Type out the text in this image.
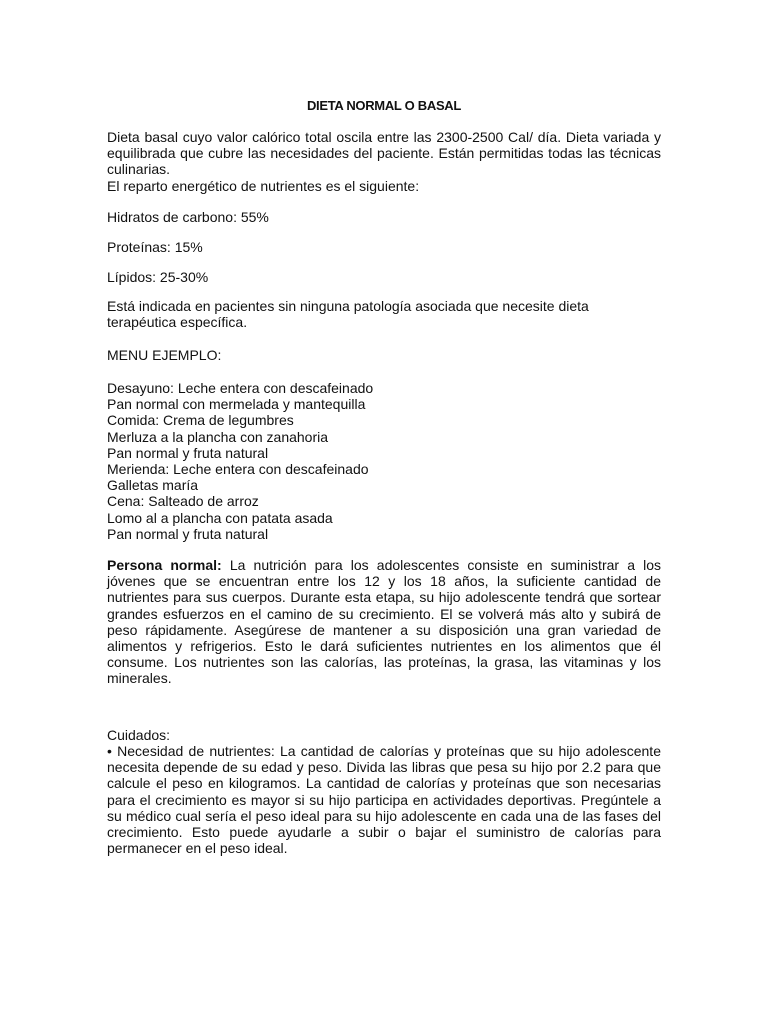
DIETA NORMAL O BASAL
Dieta basal cuyo valor calórico total oscila entre las 2300-2500 Cal/ día. Dieta variada y equilibrada que cubre las necesidades del paciente. Están permitidas todas las técnicas culinarias.
El reparto energético de nutrientes es el siguiente:
Hidratos de carbono: 55%
Proteínas: 15%
Lípidos: 25-30%
Está indicada en pacientes sin ninguna patología asociada que necesite dieta terapéutica específica.
MENU EJEMPLO:
Desayuno: Leche entera con descafeinado
Pan normal con mermelada y mantequilla
Comida: Crema de legumbres
Merluza a la plancha con zanahoria
Pan normal y fruta natural
Merienda: Leche entera con descafeinado
Galletas maría
Cena: Salteado de arroz
Lomo al a plancha con patata asada
Pan normal y fruta natural
Persona normal: La nutrición para los adolescentes consiste en suministrar a los jóvenes que se encuentran entre los 12 y los 18 años, la suficiente cantidad de nutrientes para sus cuerpos. Durante esta etapa, su hijo adolescente tendrá que sortear grandes esfuerzos en el camino de su crecimiento. El se volverá más alto y subirá de peso rápidamente. Asegúrese de mantener a su disposición una gran variedad de alimentos y refrigerios. Esto le dará suficientes nutrientes en los alimentos que él consume. Los nutrientes son las calorías, las proteínas, la grasa, las vitaminas y los minerales.
Cuidados:
• Necesidad de nutrientes: La cantidad de calorías y proteínas que su hijo adolescente necesita depende de su edad y peso. Divida las libras que pesa su hijo por 2.2 para que calcule el peso en kilogramos. La cantidad de calorías y proteínas que son necesarias para el crecimiento es mayor si su hijo participa en actividades deportivas. Pregúntele a su médico cual sería el peso ideal para su hijo adolescente en cada una de las fases del crecimiento. Esto puede ayudarle a subir o bajar el suministro de calorías para permanecer en el peso ideal.
